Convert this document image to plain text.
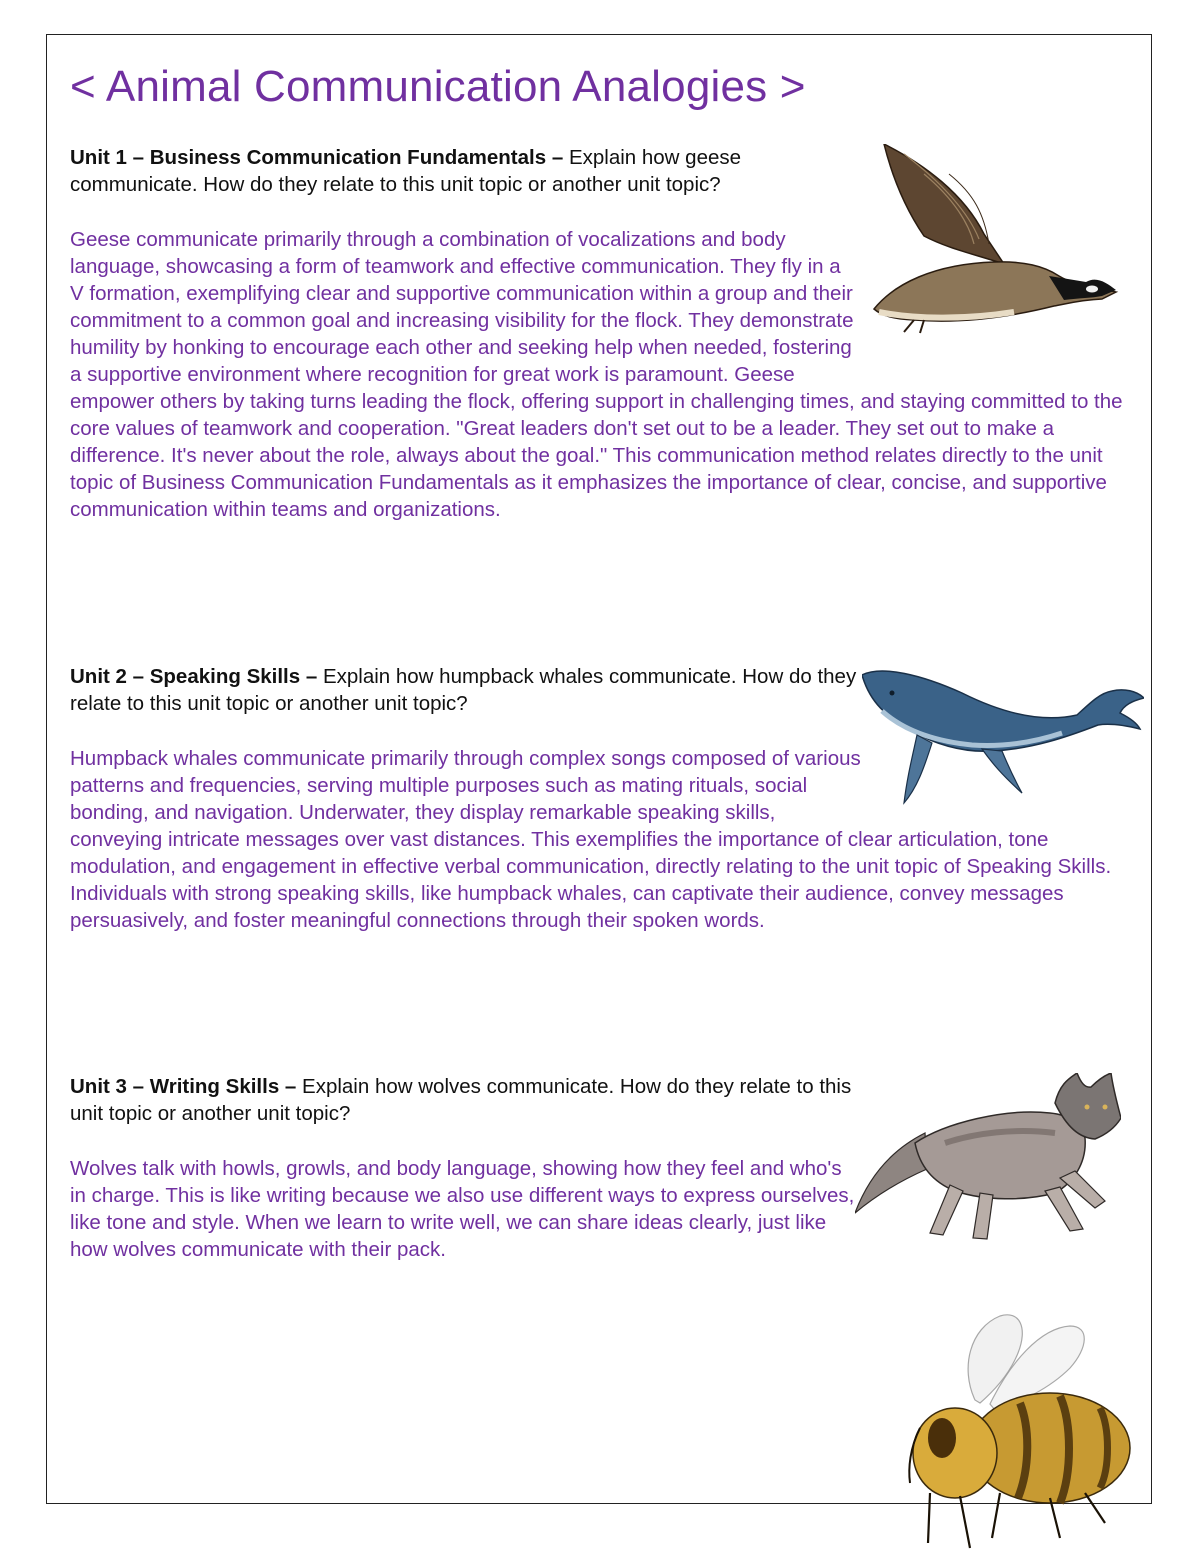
< Animal Communication Analogies >

Unit 1 – Business Communication Fundamentals – Explain how geese communicate. How do they relate to this unit topic or another unit topic?

Geese communicate primarily through a combination of vocalizations and body language, showcasing a form of teamwork and effective communication. They fly in a V formation, exemplifying clear and supportive communication within a group and their commitment to a common goal and increasing visibility for the flock. They demonstrate humility by honking to encourage each other and seeking help when needed, fostering a supportive environment where recognition for great work is paramount. Geese empower others by taking turns leading the flock, offering support in challenging times, and staying committed to the core values of teamwork and cooperation. "Great leaders don't set out to be a leader. They set out to make a difference. It's never about the role, always about the goal." This communication method relates directly to the unit topic of Business Communication Fundamentals as it emphasizes the importance of clear, concise, and supportive communication within teams and organizations.

Unit 2 – Speaking Skills – Explain how humpback whales communicate. How do they relate to this unit topic or another unit topic?

Humpback whales communicate primarily through complex songs composed of various patterns and frequencies, serving multiple purposes such as mating rituals, social bonding, and navigation. Underwater, they display remarkable speaking skills, conveying intricate messages over vast distances. This exemplifies the importance of clear articulation, tone modulation, and engagement in effective verbal communication, directly relating to the unit topic of Speaking Skills. Individuals with strong speaking skills, like humpback whales, can captivate their audience, convey messages persuasively, and foster meaningful connections through their spoken words.

Unit 3 – Writing Skills – Explain how wolves communicate. How do they relate to this unit topic or another unit topic?

Wolves talk with howls, growls, and body language, showing how they feel and who's in charge. This is like writing because we also use different ways to express ourselves, like tone and style. When we learn to write well, we can share ideas clearly, just like how wolves communicate with their pack.
